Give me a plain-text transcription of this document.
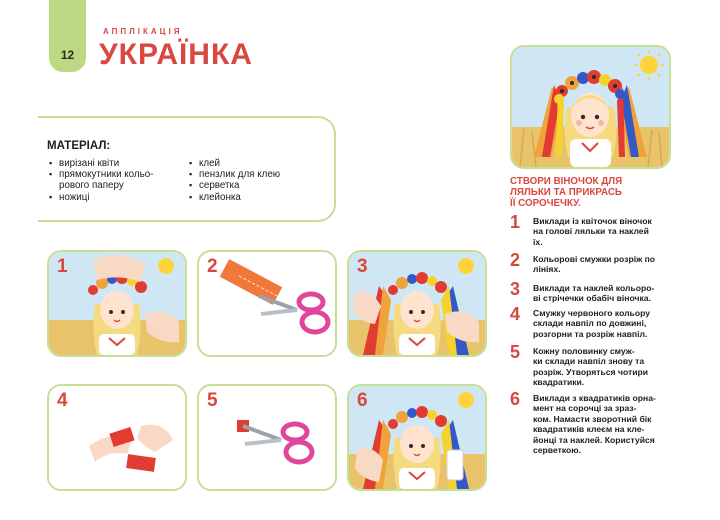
12
АППЛІКАЦІЯ
УКРАЇНКА
МАТЕРІАЛ:
▪ вирізані квіти
▪ прямокутники кольо-
рового паперу
▪ ножиці
▪ клей
▪ пензлик для клею
▪ серветка
▪ клейонка
СТВОРИ ВІНОЧОК ДЛЯ
ЛЯЛЬКИ ТА ПРИКРАСЬ
ЇЇ СОРОЧЕЧКУ.
1	Виклади із квіточок віночок
на голові ляльки та наклей
їх.
2	Кольорові смужки розріж по
лініях.
3	Виклади та наклей кольоро-
ві стрічечки обабіч віночка.
4	Смужку червоного кольору
склади навпіл по довжині,
розгорни та розріж навпіл.
5	Кожну половинку смуж-
ки склади навпіл знову та
розріж. Утворяться чотири
квадратики.
6	Виклади з квадратиків орна-
мент на сорочці за зраз-
ком. Намасти зворотний бік
квадратиків клеєм на кле-
йонці та наклей. Користуйся
серветкою.
1	2	3
4	5	6
